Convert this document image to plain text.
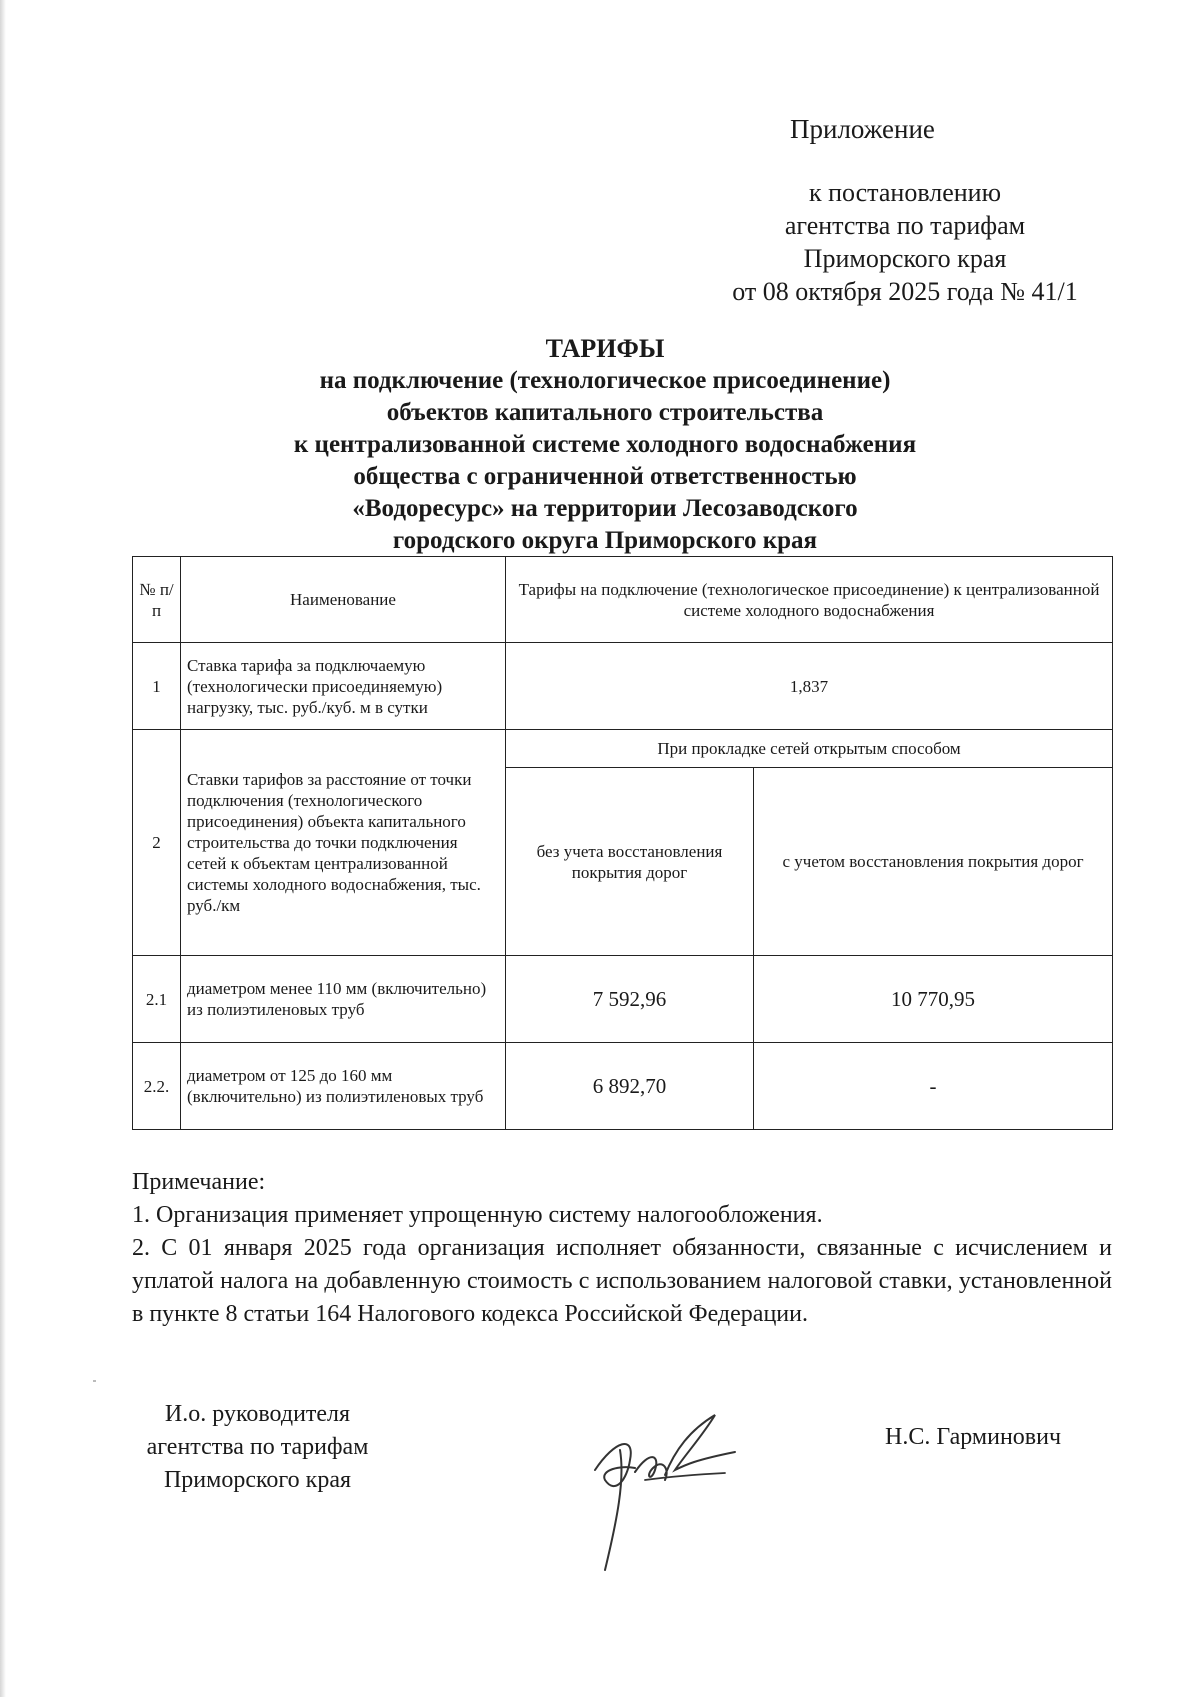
Приложение
к постановлению
агентства по тарифам
Приморского края
от 08 октября 2025 года № 41/1
ТАРИФЫ
на подключение (технологическое присоединение)
объектов капитального строительства
к централизованной системе холодного водоснабжения
общества с ограниченной ответственностью
«Водоресурс» на территории Лесозаводского
городского округа Приморского края
№ п/п	Наименование	Тарифы на подключение (технологическое присоединение) к централизованной системе холодного водоснабжения	
1	Ставка тарифа за подключаемую (технологически присоединяемую) нагрузку, тыс. руб./куб. м в сутки	1,837	
2	Ставки тарифов за расстояние от точки подключения (технологического присоединения) объекта капитального строительства до точки подключения сетей к объектам централизованной системы холодного водоснабжения, тыс. руб./км	При прокладке сетей открытым способом	
		без учета восстановления покрытия дорог	с учетом восстановления покрытия дорог
2.1	диаметром менее 110 мм (включительно) из полиэтиленовых труб	7 592,96	10 770,95
2.2.	диаметром от 125 до 160 мм (включительно) из полиэтиленовых труб	6 892,70	-
Примечание:
1. Организация применяет упрощенную систему налогообложения.
2. С 01 января 2025 года организация исполняет обязанности, связанные с исчислением и уплатой налога на добавленную стоимость с использованием налоговой ставки, установленной в пункте 8 статьи 164 Налогового кодекса Российской Федерации.
И.о. руководителя
агентства по тарифам
Приморского края
Н.С. Гарминович
